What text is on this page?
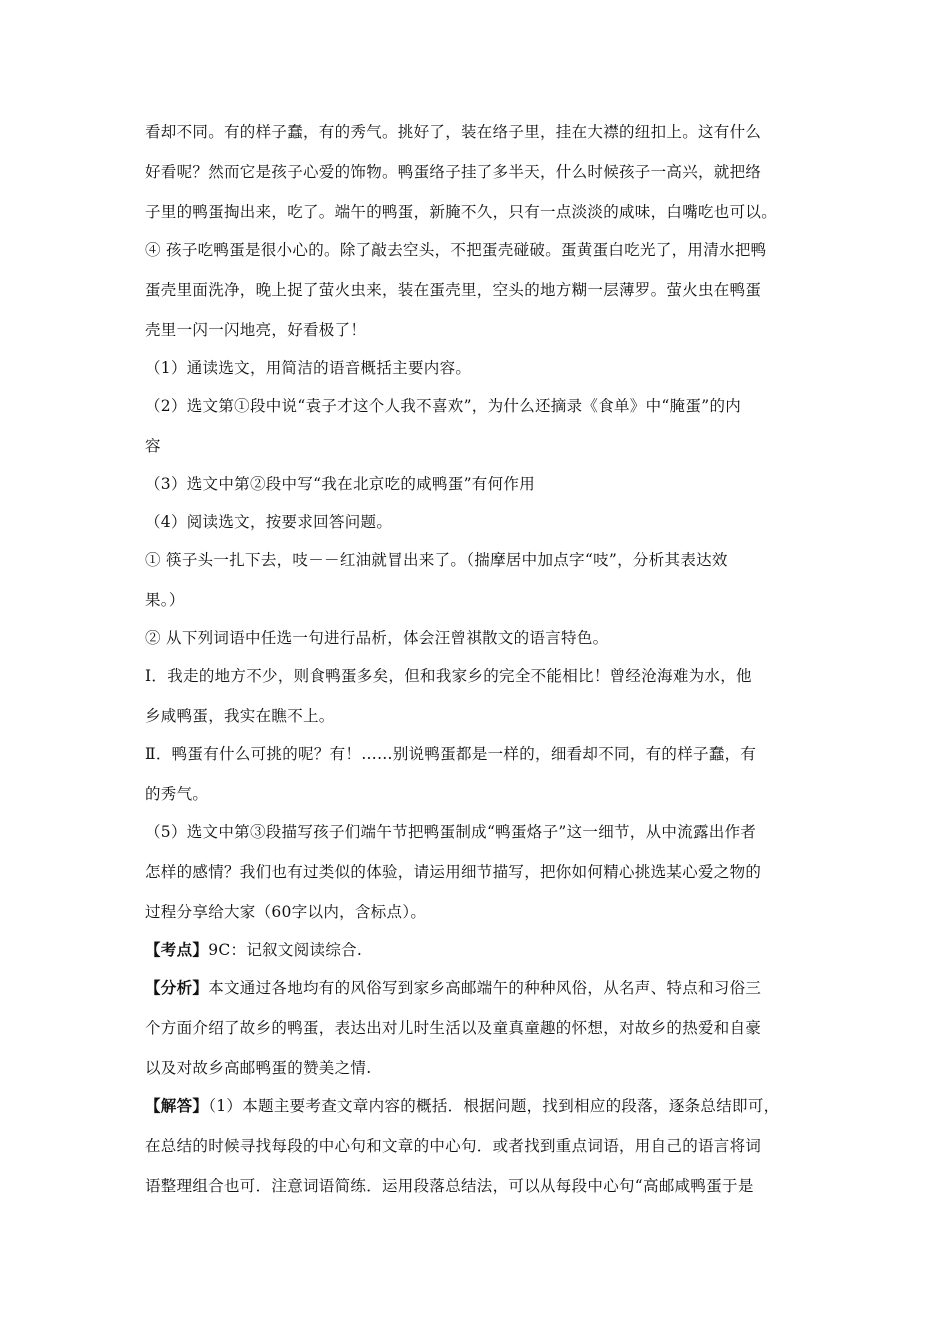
看却不同。有的样子蠢，有的秀气。挑好了，装在络子里，挂在大襟的纽扣上。这有什么
好看呢？然而它是孩子心爱的饰物。鸭蛋络子挂了多半天，什么时候孩子一高兴，就把络
子里的鸭蛋掏出来，吃了。端午的鸭蛋，新腌不久，只有一点淡淡的咸味，白嘴吃也可以。
④ 孩子吃鸭蛋是很小心的。除了敲去空头，不把蛋壳碰破。蛋黄蛋白吃光了，用清水把鸭
蛋壳里面洗净，晚上捉了萤火虫来，装在蛋壳里，空头的地方糊一层薄罗。萤火虫在鸭蛋
壳里一闪一闪地亮，好看极了！
（1）通读选文，用简洁的语音概括主要内容。
（2）选文第①段中说“袁子才这个人我不喜欢”，为什么还摘录《食单》中“腌蛋”的内
容
（3）选文中第②段中写“我在北京吃的咸鸭蛋”有何作用
（4）阅读选文，按要求回答问题。
① 筷子头一扎下去，吱－－红油就冒出来了。（揣摩居中加点字“吱”，分析其表达效
果。）
② 从下列词语中任选一句进行品析，体会汪曾祺散文的语言特色。
Ⅰ．我走的地方不少，则食鸭蛋多矣，但和我家乡的完全不能相比！曾经沧海难为水，他
乡咸鸭蛋，我实在瞧不上。
Ⅱ．鸭蛋有什么可挑的呢？有！……别说鸭蛋都是一样的，细看却不同，有的样子蠢，有
的秀气。
（5）选文中第③段描写孩子们端午节把鸭蛋制成“鸭蛋烙子”这一细节，从中流露出作者
怎样的感情？我们也有过类似的体验，请运用细节描写，把你如何精心挑选某心爱之物的
过程分享给大家（60字以内，含标点）。
【考点】9C：记叙文阅读综合.
【分析】本文通过各地均有的风俗写到家乡高邮端午的种种风俗，从名声、特点和习俗三
个方面介绍了故乡的鸭蛋，表达出对儿时生活以及童真童趣的怀想，对故乡的热爱和自豪
以及对故乡高邮鸭蛋的赞美之情.
【解答】（1）本题主要考查文章内容的概括．根据问题，找到相应的段落，逐条总结即可，
在总结的时候寻找每段的中心句和文章的中心句．或者找到重点词语，用自己的语言将词
语整理组合也可．注意词语简练．运用段落总结法，可以从每段中心句“高邮咸鸭蛋于是
